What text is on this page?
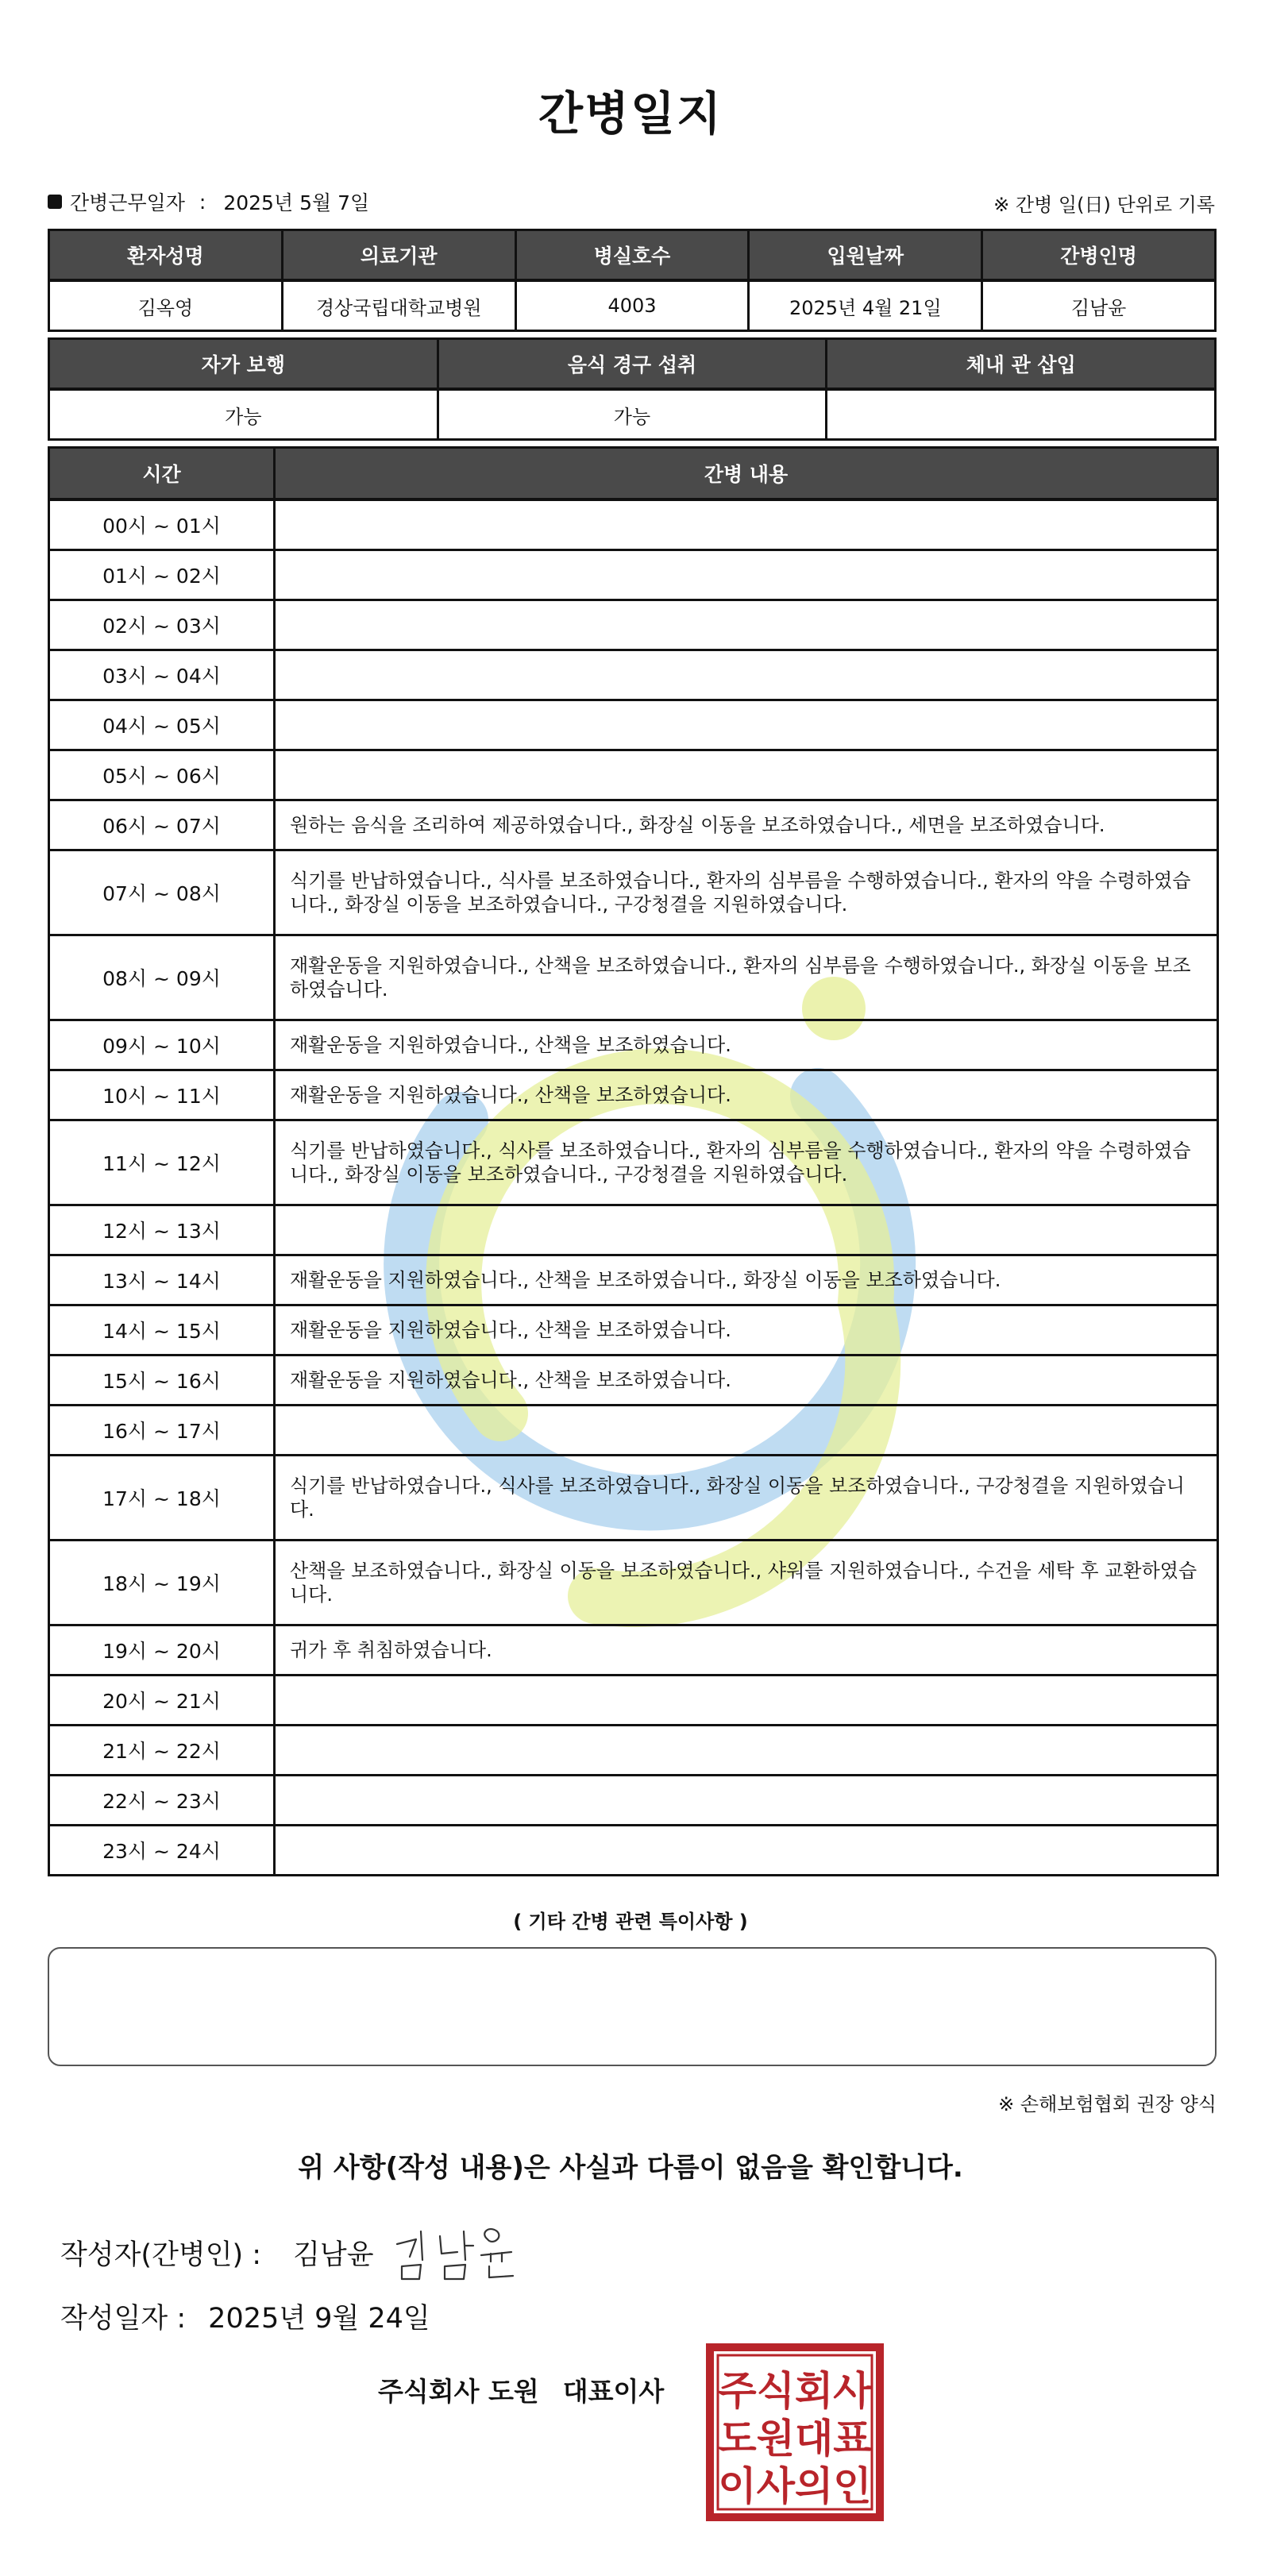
간병일지
간병근무일자 : 2025년 5월 7일	※ 간병 일(日) 단위로 기록
환자성명	의료기관	병실호수	입원날짜	간병인명
김옥영	경상국립대학교병원	4003	2025년 4월 21일	김남윤
자가 보행	음식 경구 섭취	체내 관 삽입
가능	가능	
시간	간병 내용
00시 ~ 01시	
01시 ~ 02시	
02시 ~ 03시	
03시 ~ 04시	
04시 ~ 05시	
05시 ~ 06시	
06시 ~ 07시	원하는 음식을 조리하여 제공하였습니다., 화장실 이동을 보조하였습니다., 세면을 보조하였습니다.
07시 ~ 08시	식기를 반납하였습니다., 식사를 보조하였습니다., 환자의 심부름을 수행하였습니다., 환자의 약을 수령하였습니다., 화장실 이동을 보조하였습니다., 구강청결을 지원하였습니다.
08시 ~ 09시	재활운동을 지원하였습니다., 산책을 보조하였습니다., 환자의 심부름을 수행하였습니다., 화장실 이동을 보조하였습니다.
09시 ~ 10시	재활운동을 지원하였습니다., 산책을 보조하였습니다.
10시 ~ 11시	재활운동을 지원하였습니다., 산책을 보조하였습니다.
11시 ~ 12시	식기를 반납하였습니다., 식사를 보조하였습니다., 환자의 심부름을 수행하였습니다., 환자의 약을 수령하였습니다., 화장실 이동을 보조하였습니다., 구강청결을 지원하였습니다.
12시 ~ 13시	
13시 ~ 14시	재활운동을 지원하였습니다., 산책을 보조하였습니다., 화장실 이동을 보조하였습니다.
14시 ~ 15시	재활운동을 지원하였습니다., 산책을 보조하였습니다.
15시 ~ 16시	재활운동을 지원하였습니다., 산책을 보조하였습니다.
16시 ~ 17시	
17시 ~ 18시	식기를 반납하였습니다., 식사를 보조하였습니다., 화장실 이동을 보조하였습니다., 구강청결을 지원하였습니다.
18시 ~ 19시	산책을 보조하였습니다., 화장실 이동을 보조하였습니다., 샤워를 지원하였습니다., 수건을 세탁 후 교환하였습니다.
19시 ~ 20시	귀가 후 취침하였습니다.
20시 ~ 21시	
21시 ~ 22시	
22시 ~ 23시	
23시 ~ 24시	
( 기타 간병 관련 특이사항 )
※ 손해보험협회 권장 양식
위 사항(작성 내용)은 사실과 다름이 없음을 확인합니다.
작성자(간병인) : 김남윤
작성일자 : 2025년 9월 24일
주식회사 도원 대표이사 주식회사
도원대표
이사의인
